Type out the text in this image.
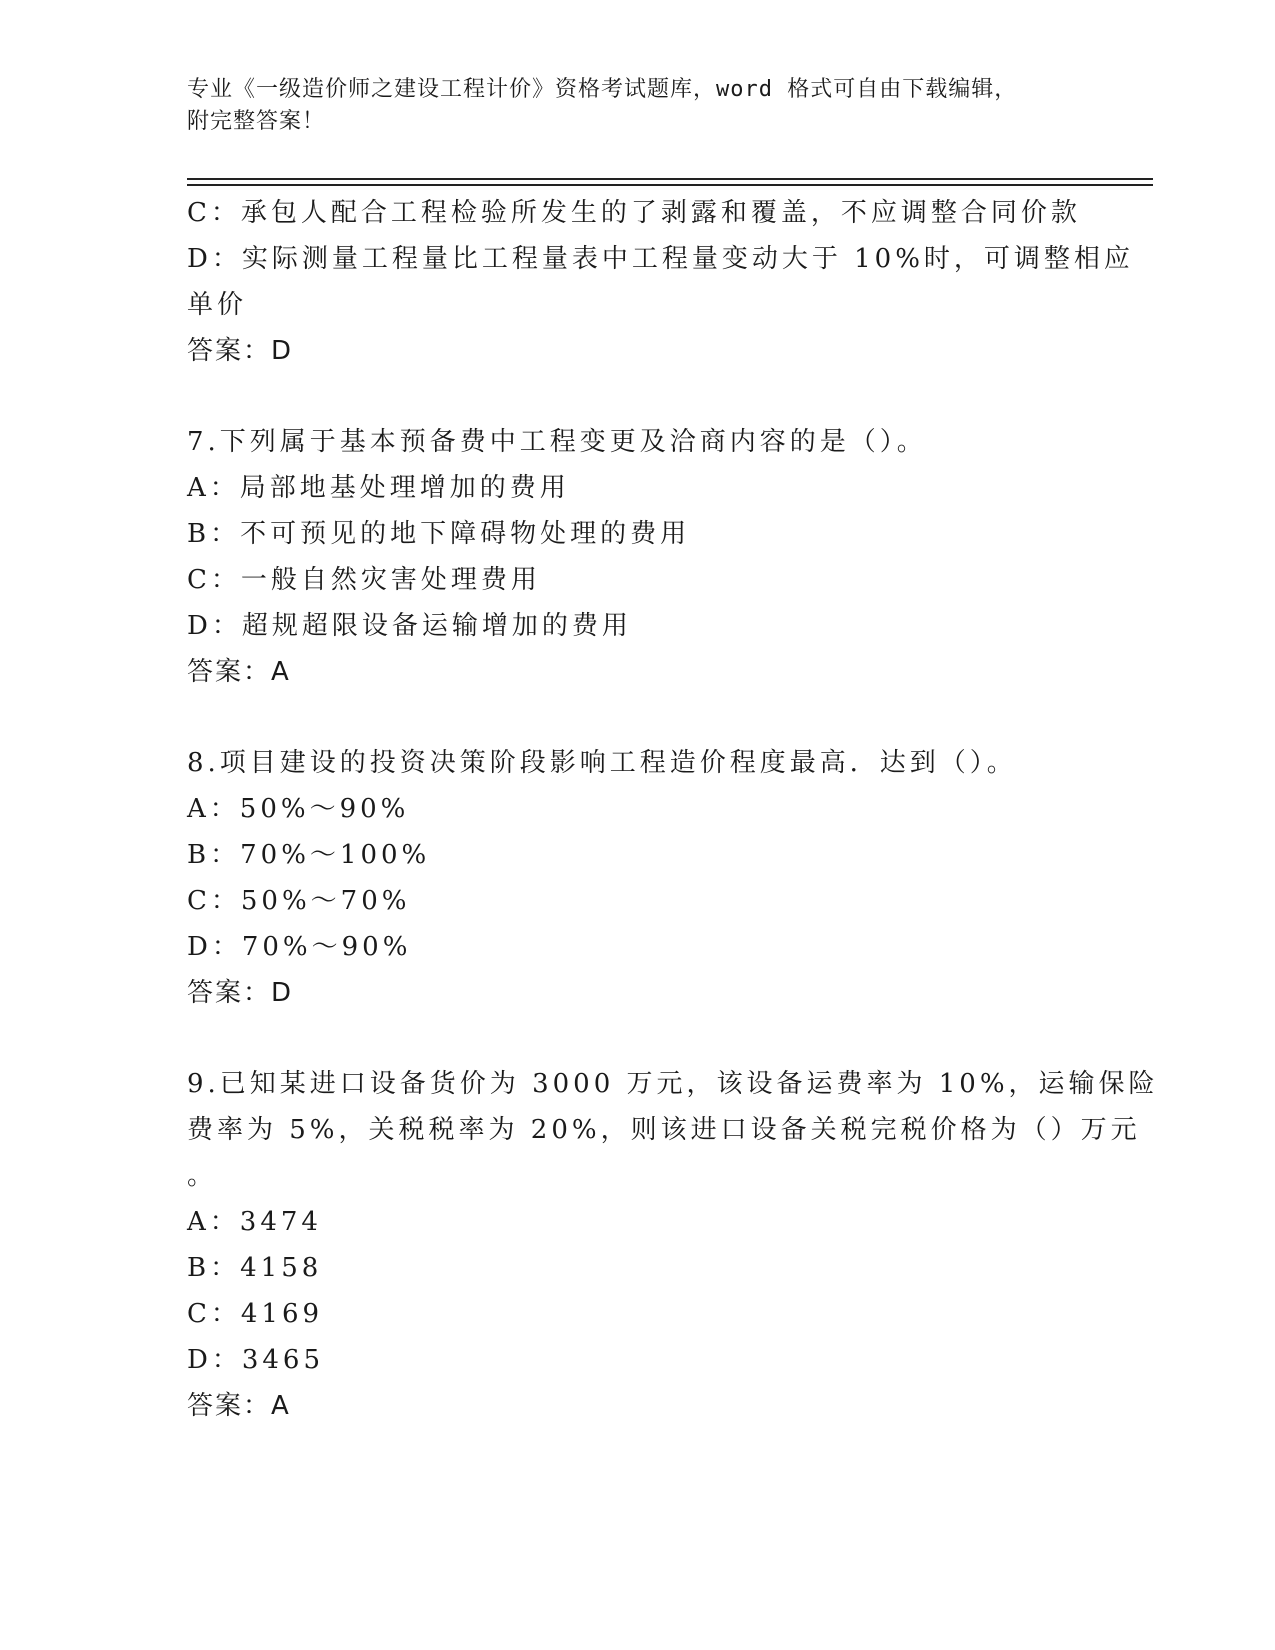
专业《一级造价师之建设工程计价》资格考试题库，word 格式可自由下载编辑，
附完整答案！
C：承包人配合工程检验所发生的了剥露和覆盖，不应调整合同价款
D：实际测量工程量比工程量表中工程量变动大于 10%时，可调整相应
单价
答案：D
7.下列属于基本预备费中工程变更及洽商内容的是（）。
A：局部地基处理增加的费用
B：不可预见的地下障碍物处理的费用
C：一般自然灾害处理费用
D：超规超限设备运输增加的费用
答案：A
8.项目建设的投资决策阶段影响工程造价程度最高．达到（）。
A：50%～90%
B：70%～100%
C：50%～70%
D：70%～90%
答案：D
9.已知某进口设备货价为 3000 万元，该设备运费率为 10%，运输保险
费率为 5%，关税税率为 20%，则该进口设备关税完税价格为（）万元
。
A：3474
B：4158
C：4169
D：3465
答案：A
